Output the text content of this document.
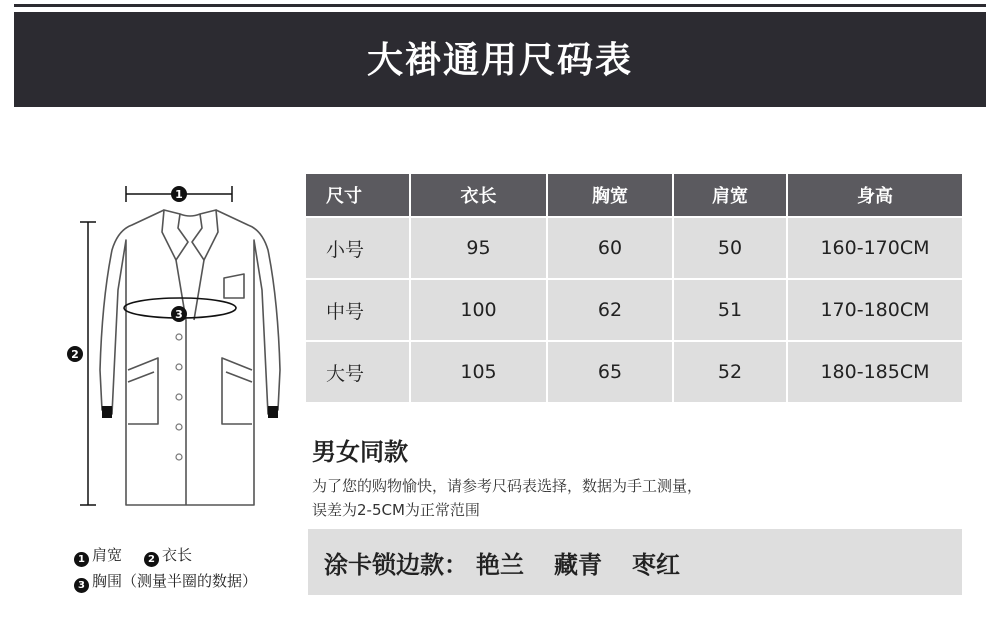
大褂通用尺码表
1
2
3
1 肩宽	2 衣长
3 胸围（测量半圈的数据）
尺寸	衣长	胸宽	肩宽	身高
小号	95	60	50	160-170CM
中号	100	62	51	170-180CM
大号	105	65	52	180-185CM
男女同款
为了您的购物愉快，请参考尺码表选择，数据为手工测量，
误差为2-5CM为正常范围
涂卡锁边款： 艳兰 藏青 枣红
